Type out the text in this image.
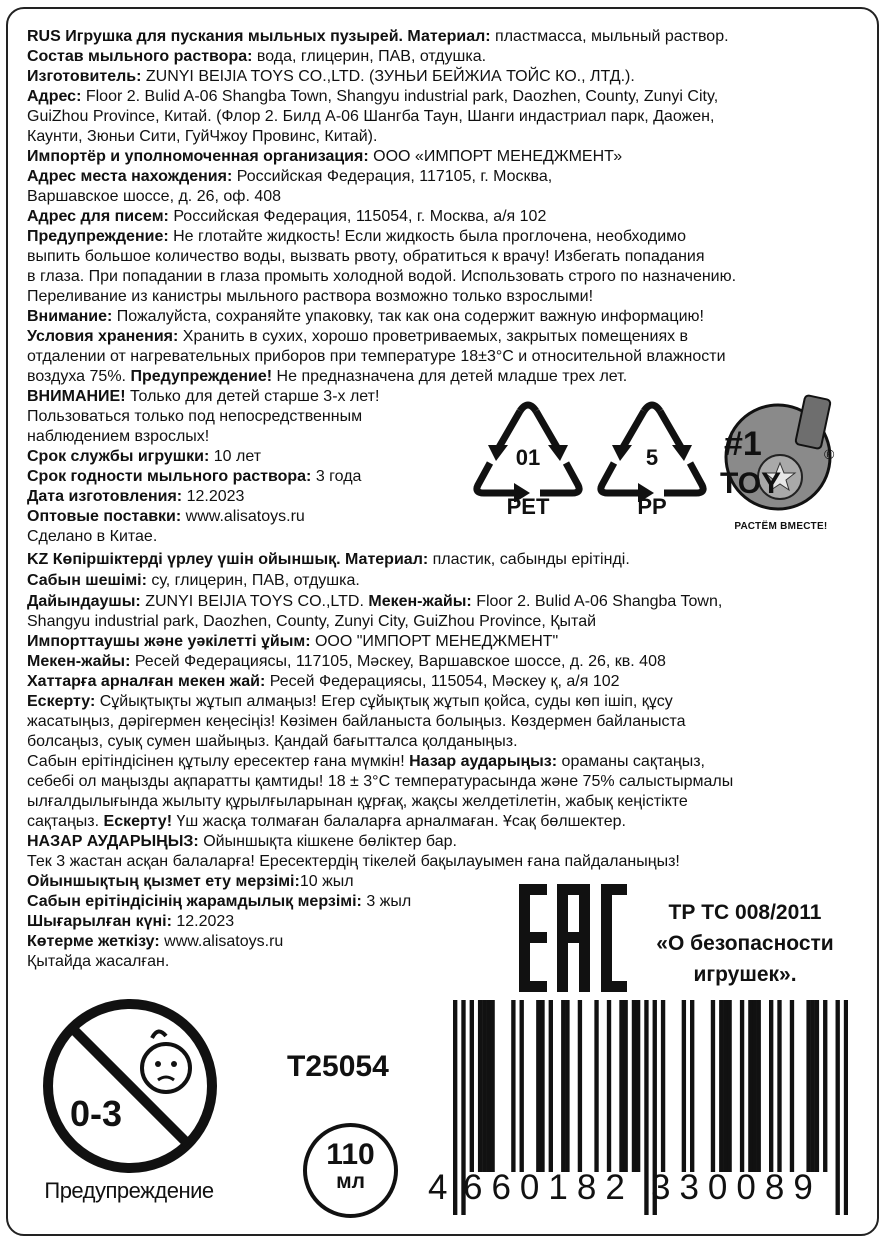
RUS Игрушка для пускания мыльных пузырей. Материал: пластмасса, мыльный раствор.
Состав мыльного раствора: вода, глицерин, ПАВ, отдушка.
Изготовитель: ZUNYI BEIJIA TOYS CO.,LTD. (ЗУНЬИ БЕЙЖИА ТОЙС КО., ЛТД.).
Адрес: Floor 2. Bulid A-06 Shangba Town, Shangyu industrial park, Daozhen, County, Zunyi City,
GuiZhou Province, Китай. (Флор 2. Билд А-06 Шангба Таун, Шанги индастриал парк, Даожен,
Каунти, Зюньи Сити, ГуйЧжоу Провинс, Китай).
Импортёр и уполномоченная организация: ООО «ИМПОРТ МЕНЕДЖМЕНТ»
Адрес места нахождения: Российская Федерация, 117105, г. Москва,
Варшавское шоссе, д. 26, оф. 408
Адрес для писем: Российская Федерация, 115054, г. Москва, а/я 102
Предупреждение: Не глотайте жидкость! Если жидкость была проглочена, необходимо
выпить большое количество воды, вызвать рвоту, обратиться к врачу! Избегать попадания
в глаза. При попадании в глаза промыть холодной водой. Использовать строго по назначению.
Переливание из канистры мыльного раствора возможно только взрослыми!
Внимание: Пожалуйста, сохраняйте упаковку, так как она содержит важную информацию!
Условия хранения: Хранить в сухих, хорошо проветриваемых, закрытых помещениях в
отдалении от нагревательных приборов при температуре 18±3°С и относительной влажности
воздуха 75%. Предупреждение! Не предназначена для детей младше трех лет.
ВНИМАНИЕ! Только для детей старше 3-х лет!
Пользоваться только под непосредственным
наблюдением взрослых!
Срок службы игрушки: 10 лет
Срок годности мыльного раствора: 3 года
Дата изготовления: 12.2023
Оптовые поставки: www.alisatoys.ru
Сделано в Китае.
01
PET
5
PP
#1
TOY
®
РАСТЁМ ВМЕСТЕ!
KZ Көпіршіктерді үрлеу үшін ойыншық. Материал: пластик, сабынды ерітінді.
Сабын шешімі: су, глицерин, ПАВ, отдушка.
Дайындаушы: ZUNYI BEIJIA TOYS CO.,LTD. Мекен-жайы: Floor 2. Bulid A-06 Shangba Town,
Shangyu industrial park, Daozhen, County, Zunyi City, GuiZhou Province, Қытай
Импорттаушы және уәкілетті ұйым: ООО "ИМПОРТ МЕНЕДЖМЕНТ"
Мекен-жайы: Ресей Федерациясы, 117105, Мәскеу, Варшавское шоссе, д. 26, кв. 408
Хаттарға арналған мекен жай: Ресей Федерациясы, 115054, Мәскеу қ, а/я 102
Ескерту: Сұйықтықты жұтып алмаңыз! Егер сұйықтық жұтып қойса, суды көп ішіп, құсу
жасатыңыз, дәрігермен кеңесіңіз! Көзімен байланыста болыңыз. Көздермен байланыста
болсаңыз, суық сумен шайыңыз. Қандай бағытталса қолданыңыз.
Сабын ерітіндісінен құтылу ересектер ғана мүмкін! Назар аударыңыз: ораманы сақтаңыз,
себебі ол маңызды ақпаратты қамтиды! 18 ± 3°C температурасында және 75% салыстырмалы
ылғалдылығында жылыту құрылғыларынан құрғақ, жақсы желдетілетін, жабық кеңістікте
сақтаңыз. Ескерту! Үш жасқа толмаған балаларға арналмаған. Ұсақ бөлшектер.
НАЗАР АУДАРЫҢЫЗ: Ойыншықта кішкене бөліктер бар.
Тек 3 жастан асқан балаларға! Ересектердің тікелей бақылауымен ғана пайдаланыңыз!
Ойыншықтың қызмет ету мерзімі:10 жыл
Сабын ерітіндісінің жарамдылық мерзімі: 3 жыл
Шығарылған күні: 12.2023
Көтерме жеткізу: www.alisatoys.ru
Қытайда жасалған.
ТР ТС 008/2011
«О безопасности
игрушек».
0-3
Предупреждение
T25054
110
мл	4 660182 330089
